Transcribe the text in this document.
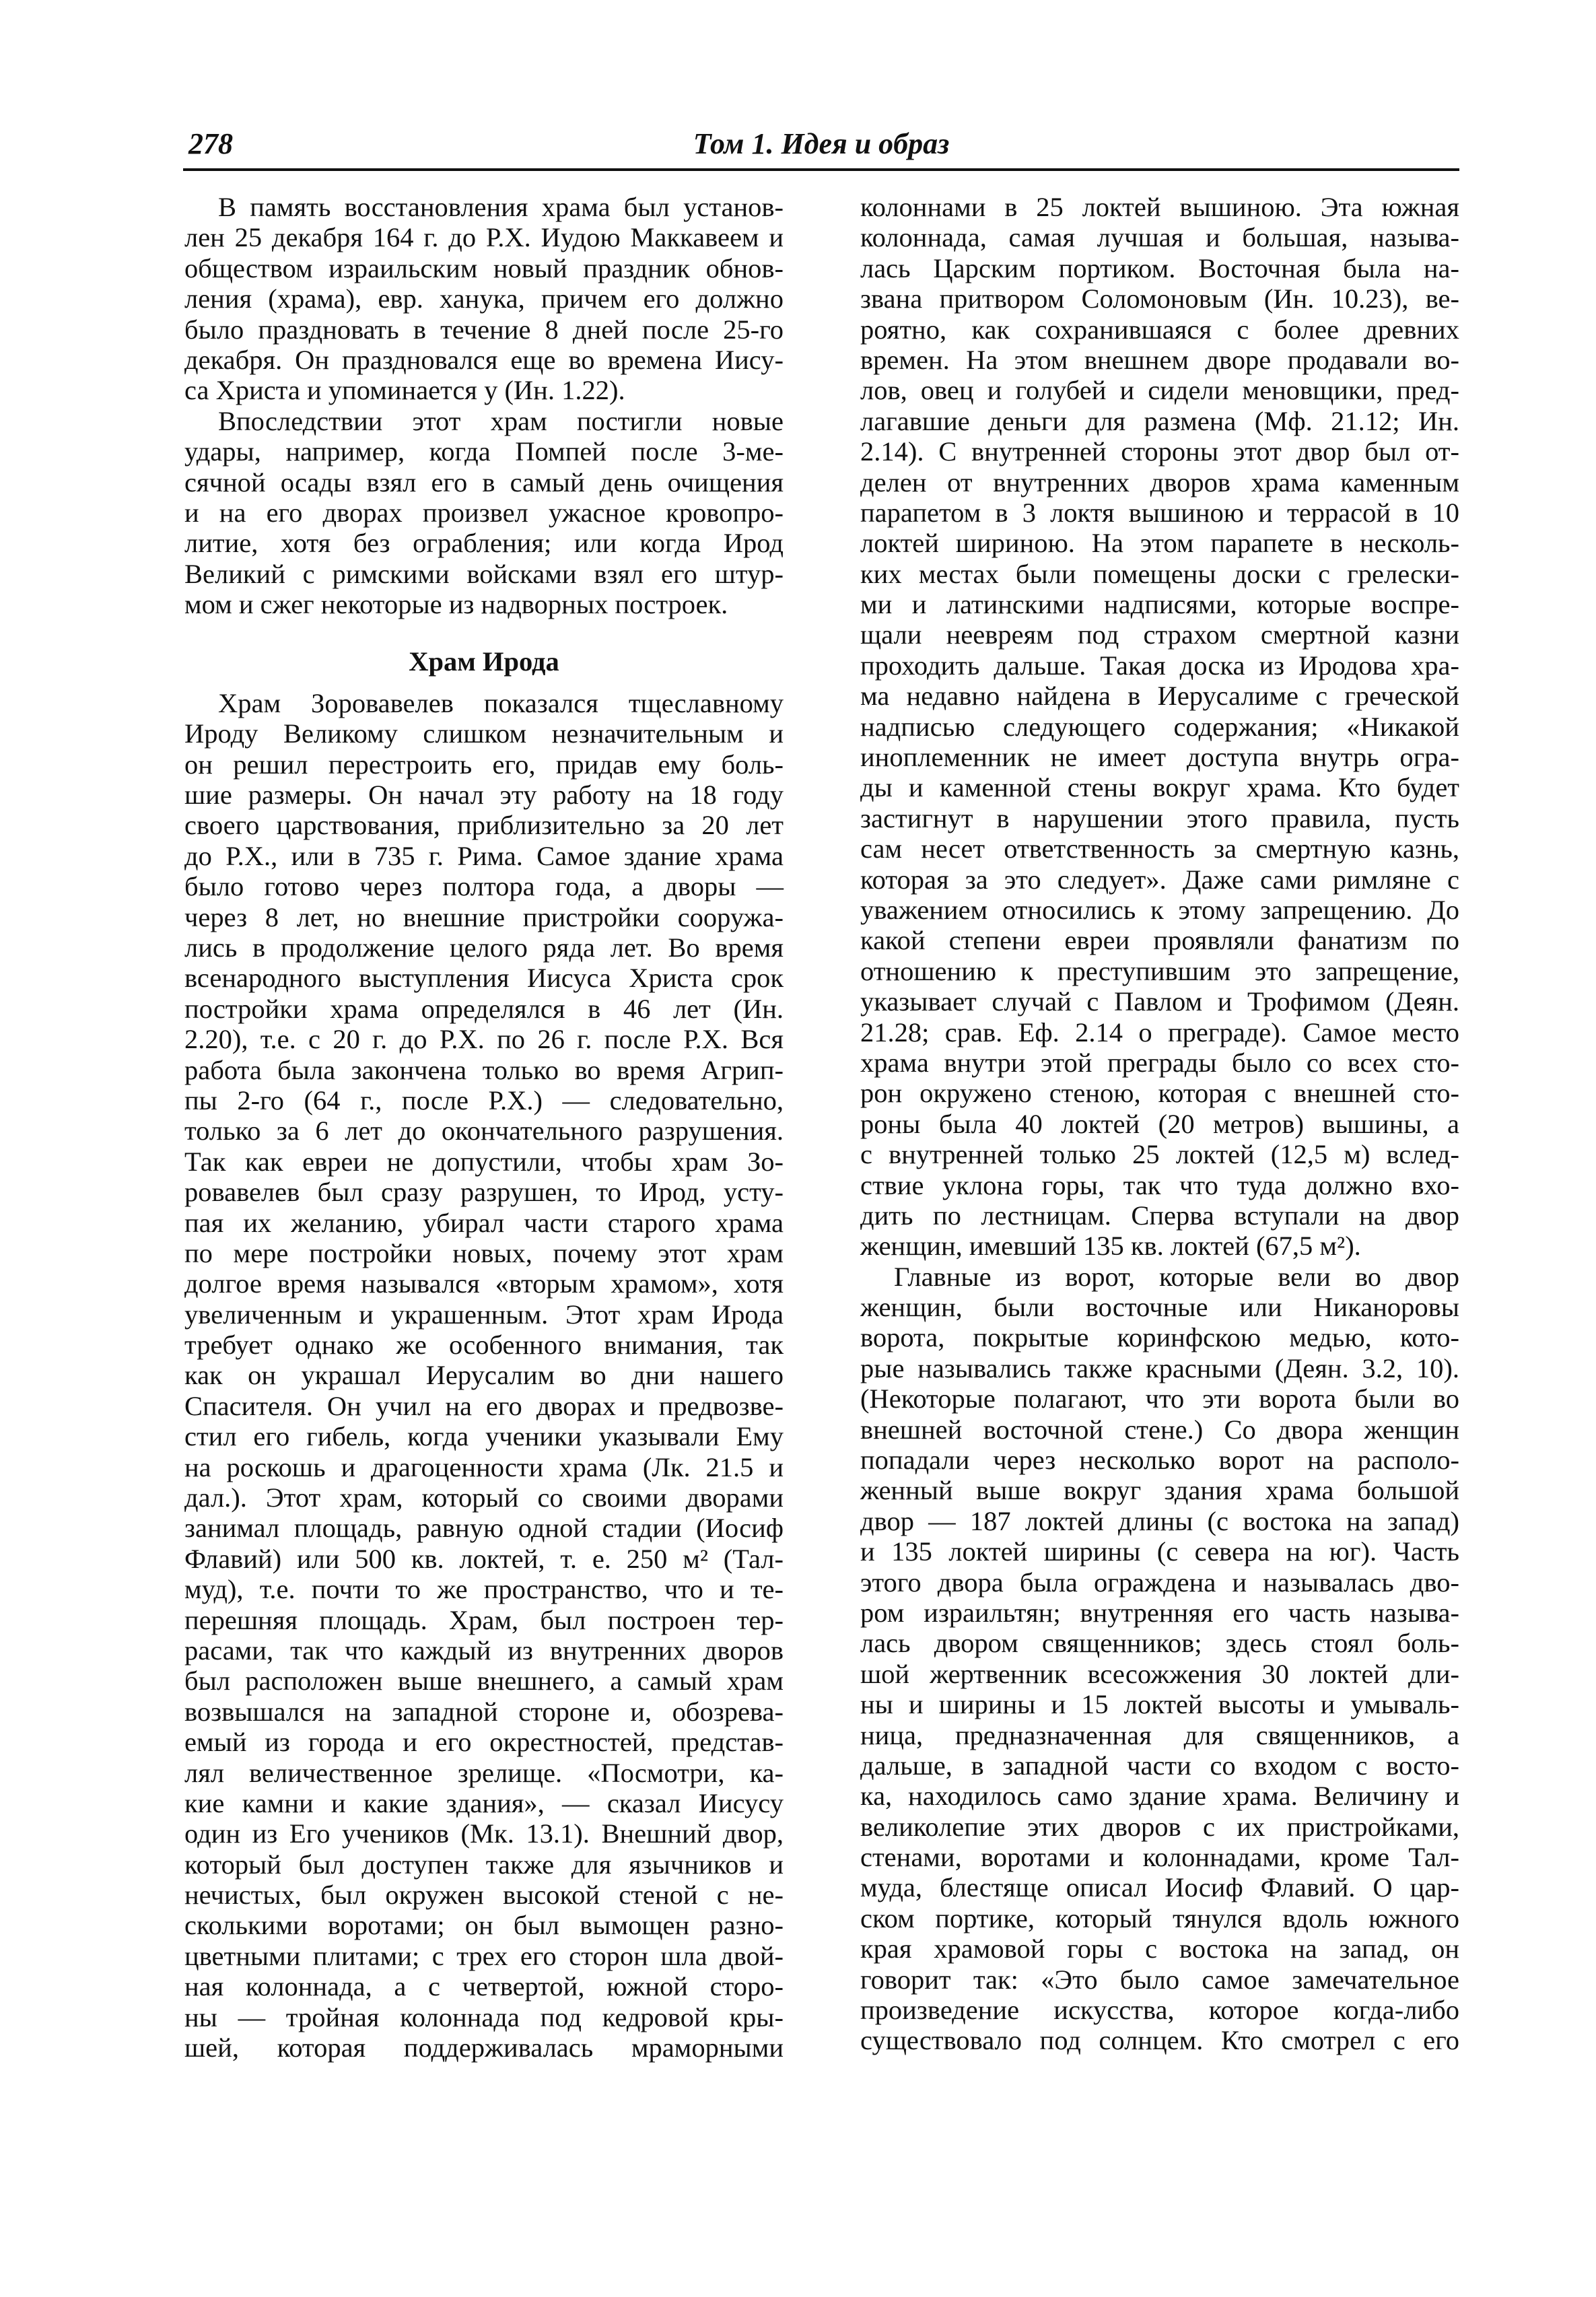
278	Том 1. Идея и образ
В память восстановления храма был установ-
лен 25 декабря 164 г. до Р.Х. Иудою Маккавеем и
обществом израильским новый праздник обнов-
ления (храма), евр. ханука, причем его должно
было праздновать в течение 8 дней после 25-го
декабря. Он праздновался еще во времена Иису-
са Христа и упоминается у (Ин. 1.22).
Впоследствии этот храм постигли новые
удары, например, когда Помпей после 3-ме-
сячной осады взял его в самый день очищения
и на его дворах произвел ужасное кровопро-
литие, хотя без ограбления; или когда Ирод
Великий с римскими войсками взял его штур-
мом и сжег некоторые из надворных построек.
Храм Ирода
Храм Зоровавелев показался тщеславному
Ироду Великому слишком незначительным и
он решил перестроить его, придав ему боль-
шие размеры. Он начал эту работу на 18 году
своего царствования, приблизительно за 20 лет
до Р.Х., или в 735 г. Рима. Самое здание храма
было готово через полтора года, а дворы —
через 8 лет, но внешние пристройки сооружа-
лись в продолжение целого ряда лет. Во время
всенародного выступления Иисуса Христа срок
постройки храма определялся в 46 лет (Ин.
2.20), т.е. с 20 г. до Р.Х. по 26 г. после Р.Х. Вся
работа была закончена только во время Агрип-
пы 2-го (64 г., после Р.Х.) — следовательно,
только за 6 лет до окончательного разрушения.
Так как евреи не допустили, чтобы храм Зо-
ровавелев был сразу разрушен, то Ирод, усту-
пая их желанию, убирал части старого храма
по мере постройки новых, почему этот храм
долгое время назывался «вторым храмом», хотя
увеличенным и украшенным. Этот храм Ирода
требует однако же особенного внимания, так
как он украшал Иерусалим во дни нашего
Спасителя. Он учил на его дворах и предвозве-
стил его гибель, когда ученики указывали Ему
на роскошь и драгоценности храма (Лк. 21.5 и
дал.). Этот храм, который со своими дворами
занимал площадь, равную одной стадии (Иосиф
Флавий) или 500 кв. локтей, т. е. 250 м² (Тал-
муд), т.е. почти то же пространство, что и те-
перешняя площадь. Храм, был построен тер-
расами, так что каждый из внутренних дворов
был расположен выше внешнего, а самый храм
возвышался на западной стороне и, обозрева-
емый из города и его окрестностей, представ-
лял величественное зрелище. «Посмотри, ка-
кие камни и какие здания», — сказал Иисусу
один из Его учеников (Мк. 13.1). Внешний двор,
который был доступен также для язычников и
нечистых, был окружен высокой стеной с не-
сколькими воротами; он был вымощен разно-
цветными плитами; с трех его сторон шла двой-
ная колоннада, а с четвертой, южной сторо-
ны — тройная колоннада под кедровой кры-
шей, которая поддерживалась мраморными
колоннами в 25 локтей вышиною. Эта южная
колоннада, самая лучшая и большая, называ-
лась Царским портиком. Восточная была на-
звана притвором Соломоновым (Ин. 10.23), ве-
роятно, как сохранившаяся с более древних
времен. На этом внешнем дворе продавали во-
лов, овец и голубей и сидели меновщики, пред-
лагавшие деньги для размена (Мф. 21.12; Ин.
2.14). С внутренней стороны этот двор был от-
делен от внутренних дворов храма каменным
парапетом в 3 локтя вышиною и террасой в 10
локтей шириною. На этом парапете в несколь-
ких местах были помещены доски с грелески-
ми и латинскими надписями, которые воспре-
щали неевреям под страхом смертной казни
проходить дальше. Такая доска из Иродова хра-
ма недавно найдена в Иерусалиме с греческой
надписью следующего содержания; «Никакой
иноплеменник не имеет доступа внутрь огра-
ды и каменной стены вокруг храма. Кто будет
застигнут в нарушении этого правила, пусть
сам несет ответственность за смертную казнь,
которая за это следует». Даже сами римляне с
уважением относились к этому запрещению. До
какой степени евреи проявляли фанатизм по
отношению к преступившим это запрещение,
указывает случай с Павлом и Трофимом (Деян.
21.28; срав. Еф. 2.14 о преграде). Самое место
храма внутри этой преграды было со всех сто-
рон окружено стеною, которая с внешней сто-
роны была 40 локтей (20 метров) вышины, а
с внутренней только 25 локтей (12,5 м) вслед-
ствие уклона горы, так что туда должно вхо-
дить по лестницам. Сперва вступали на двор
женщин, имевший 135 кв. локтей (67,5 м²).
Главные из ворот, которые вели во двор
женщин, были восточные или Никаноровы
ворота, покрытые коринфскою медью, кото-
рые назывались также красными (Деян. 3.2, 10).
(Некоторые полагают, что эти ворота были во
внешней восточной стене.) Со двора женщин
попадали через несколько ворот на располо-
женный выше вокруг здания храма большой
двор — 187 локтей длины (с востока на запад)
и 135 локтей ширины (с севера на юг). Часть
этого двора была ограждена и называлась дво-
ром израильтян; внутренняя его часть называ-
лась двором священников; здесь стоял боль-
шой жертвенник всесожжения 30 локтей дли-
ны и ширины и 15 локтей высоты и умываль-
ница, предназначенная для священников, а
дальше, в западной части со входом с восто-
ка, находилось само здание храма. Величину и
великолепие этих дворов с их пристройками,
стенами, воротами и колоннадами, кроме Тал-
муда, блестяще описал Иосиф Флавий. О цар-
ском портике, который тянулся вдоль южного
края храмовой горы с востока на запад, он
говорит так: «Это было самое замечательное
произведение искусства, которое когда-либо
существовало под солнцем. Кто смотрел с его
